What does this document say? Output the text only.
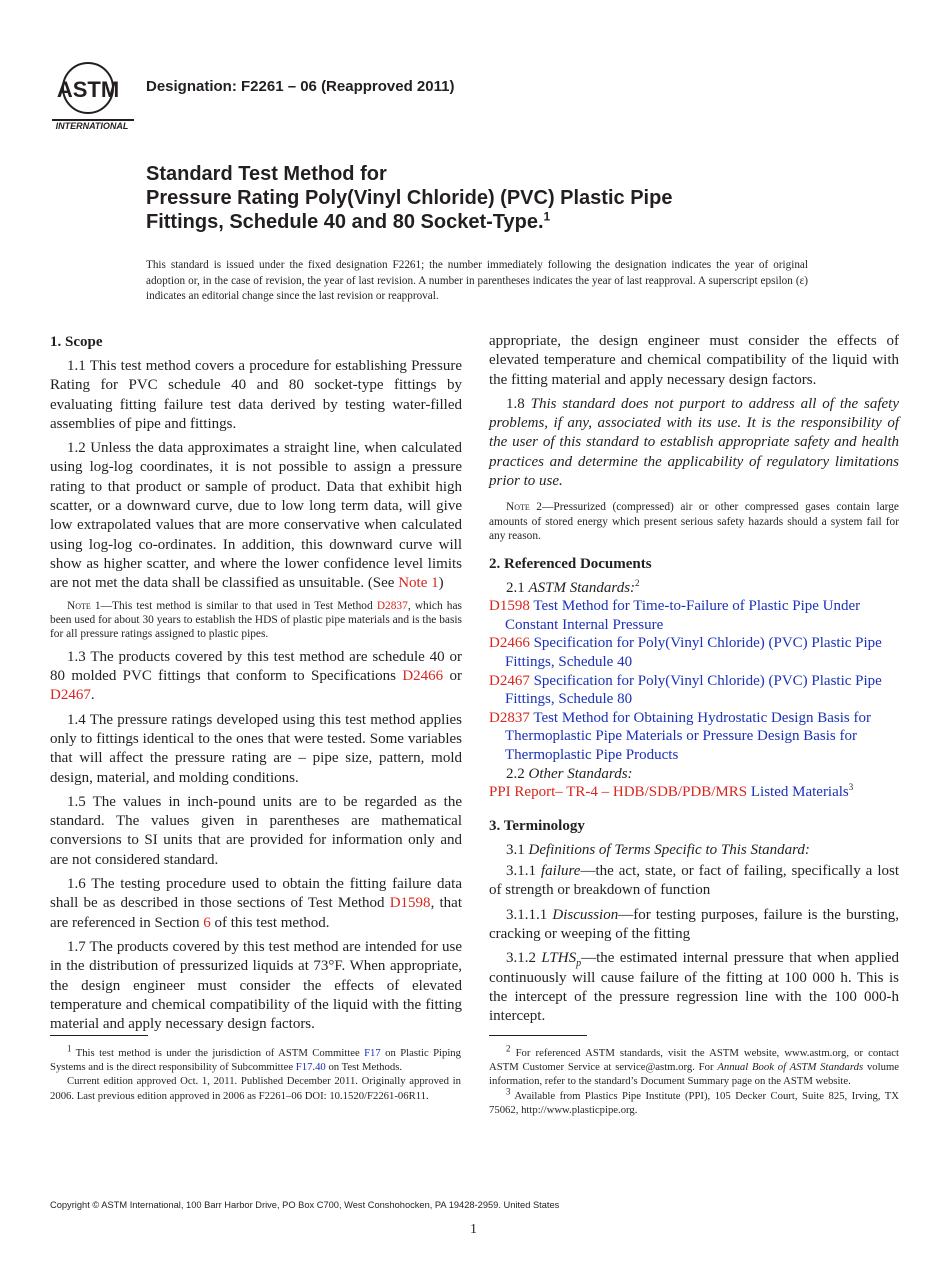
ASTM
INTERNATIONAL
Designation: F2261 – 06 (Reapproved 2011)
Standard Test Method for
Pressure Rating Poly(Vinyl Chloride) (PVC) Plastic Pipe
Fittings, Schedule 40 and 80 Socket-Type.$^1$
This standard is issued under the fixed designation F2261; the number immediately following the designation indicates the year of original adoption or, in the case of revision, the year of last revision. A number in parentheses indicates the year of last reapproval. A superscript epsilon (ε) indicates an editorial change since the last revision or reapproval.
1. Scope

1.1 This test method covers a procedure for establishing Pressure Rating for PVC schedule 40 and 80 socket-type fittings by evaluating fitting failure test data derived by testing water-filled assemblies of pipe and fittings.

1.2 Unless the data approximates a straight line, when calculated using log-log coordinates, it is not possible to assign a pressure rating to that product or sample of product. Data that exhibit high scatter, or a downward curve, due to low long term data, will give low extrapolated values that are more conservative when calculated using log-log co-ordinates. In addition, this downward curve will show as higher scatter, and where the lower confidence level limits are not met the data shall be classified as unsuitable. (See Note 1)

Note 1—This test method is similar to that used in Test Method D2837, which has been used for about 30 years to establish the HDS of plastic pipe materials and is the basis for all pressure ratings assigned to plastic pipes.

1.3 The products covered by this test method are schedule 40 or 80 molded PVC fittings that conform to Specifications D2466 or D2467.

1.4 The pressure ratings developed using this test method applies only to fittings identical to the ones that were tested. Some variables that will affect the pressure rating are – pipe size, pattern, mold design, material, and molding conditions.

1.5 The values in inch-pound units are to be regarded as the standard. The values given in parentheses are mathematical conversions to SI units that are provided for information only and are not considered standard.

1.6 The testing procedure used to obtain the fitting failure data shall be as described in those sections of Test Method D1598, that are referenced in Section 6 of this test method.

1.7 The products covered by this test method are intended for use in the distribution of pressurized liquids at 73°F. When appropriate, the design engineer must consider the effects of elevated temperature and chemical compatibility of the liquid with the fitting material and apply necessary design factors.

appropriate, the design engineer must consider the effects of elevated temperature and chemical compatibility of the liquid with the fitting material and apply necessary design factors.

1.8 This standard does not purport to address all of the safety problems, if any, associated with its use. It is the responsibility of the user of this standard to establish appropriate safety and health practices and determine the applicability of regulatory limitations prior to use.

Note 2—Pressurized (compressed) air or other compressed gases contain large amounts of stored energy which present serious safety hazards should a system fail for any reason.
2. Referenced Documents
2.1 ASTM Standards:$^2$
D1598 Test Method for Time-to-Failure of Plastic Pipe Under Constant Internal Pressure
D2466 Specification for Poly(Vinyl Chloride) (PVC) Plastic Pipe Fittings, Schedule 40
D2467 Specification for Poly(Vinyl Chloride) (PVC) Plastic Pipe Fittings, Schedule 80
D2837 Test Method for Obtaining Hydrostatic Design Basis for Thermoplastic Pipe Materials or Pressure Design Basis for Thermoplastic Pipe Products
2.2 Other Standards:
PPI Report– TR-4 – HDB/SDB/PDB/MRS Listed Materials$^3$
3. Terminology

3.1 Definitions of Terms Specific to This Standard:

3.1.1 failure—the act, state, or fact of failing, specifically a lost of strength or breakdown of function

3.1.1.1 Discussion—for testing purposes, failure is the bursting, cracking or weeping of the fitting

3.1.2 $LTHS_p—the$ estimated internal pressure that when applied continuously will cause failure of the fitting at 100 000 h. This is the intercept of the pressure regression line with the 100 000-h intercept.

$^1$ This test method is under the jurisdiction of ASTM Committee F17 on Plastic Piping Systems and is the direct responsibility of Subcommittee F17.40 on Test Methods.

Current edition approved Oct. 1, 2011. Published December 2011. Originally approved in 2006. Last previous edition approved in 2006 as F2261–06 DOI: 10.1520/F2261-06R11.

$^2$ For referenced ASTM standards, visit the ASTM website, www.astm.org, or contact ASTM Customer Service at service@astm.org. For Annual Book of ASTM Standards volume information, refer to the standard’s Document Summary page on the ASTM website.

$^3$ Available from Plastics Pipe Institute (PPI), 105 Decker Court, Suite 825, Irving, TX 75062, http://www.plasticpipe.org.

Copyright © ASTM International, 100 Barr Harbor Drive, PO Box C700, West Conshohocken, PA 19428-2959. United States
1
